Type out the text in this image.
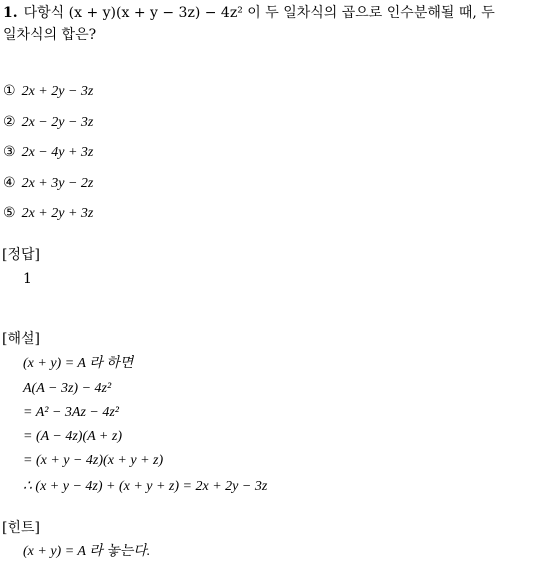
1. 다항식 (x + y)(x + y − 3z) − 4z² 이 두 일차식의 곱으로 인수분해될 때, 두
일차식의 합은?
① 2x + 2y − 3z
② 2x − 2y − 3z
③ 2x − 4y + 3z
④ 2x + 3y − 2z
⑤ 2x + 2y + 3z
[정답]
1
[해설]
(x + y) = A 라 하면
A(A − 3z) − 4z²
= A² − 3Az − 4z²
= (A − 4z)(A + z)
= (x + y − 4z)(x + y + z)
∴ (x + y − 4z) + (x + y + z) = 2x + 2y − 3z
[힌트]
(x + y) = A 라 놓는다.
